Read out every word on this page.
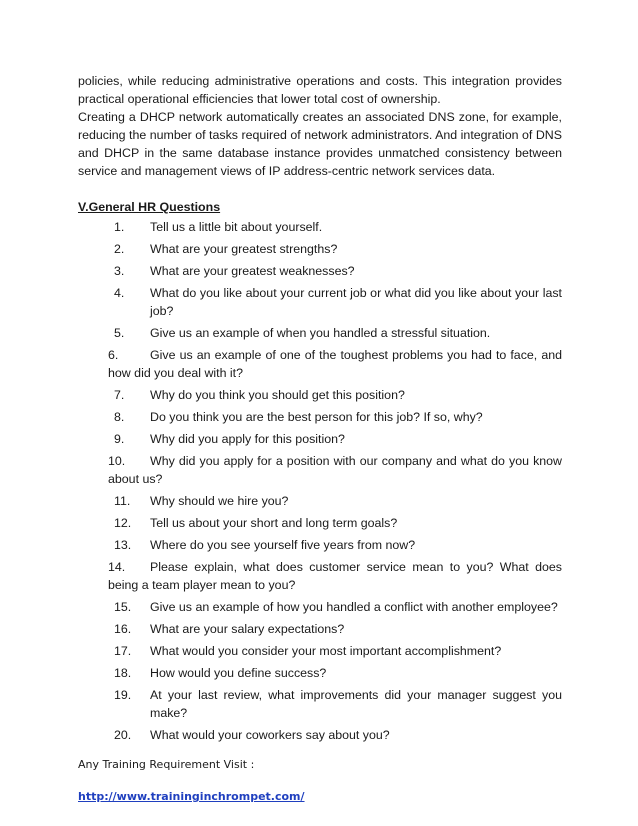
policies, while reducing administrative operations and costs. This integration provides practical operational efficiencies that lower total cost of ownership.

Creating a DHCP network automatically creates an associated DNS zone, for example, reducing the number of tasks required of network administrators. And integration of DNS and DHCP in the same database instance provides unmatched consistency between service and management views of IP address-centric network services data.

V.General HR Questions
1. Tell us a little bit about yourself.
2. What are your greatest strengths?
3. What are your greatest weaknesses?
4. What do you like about your current job or what did you like about your last job?
5. Give us an example of when you handled a stressful situation.
6.	Give us an example of one of the toughest problems you had to face, and how did you deal with it?
7. Why do you think you should get this position?
8. Do you think you are the best person for this job? If so, why?
9. Why did you apply for this position?
10. Why did you apply for a position with our company and what do you know about us?
11. Why should we hire you?
12. Tell us about your short and long term goals?
13. Where do you see yourself five years from now?
14. Please explain, what does customer service mean to you? What does being a team player mean to you?
15. Give us an example of how you handled a conflict with another employee?
16. What are your salary expectations?
17. What would you consider your most important accomplishment?
18. How would you define success?
19. At your last review, what improvements did your manager suggest you make?
20. What would your coworkers say about you?

Any Training Requirement Visit :

http://www.traininginchrompet.com/
